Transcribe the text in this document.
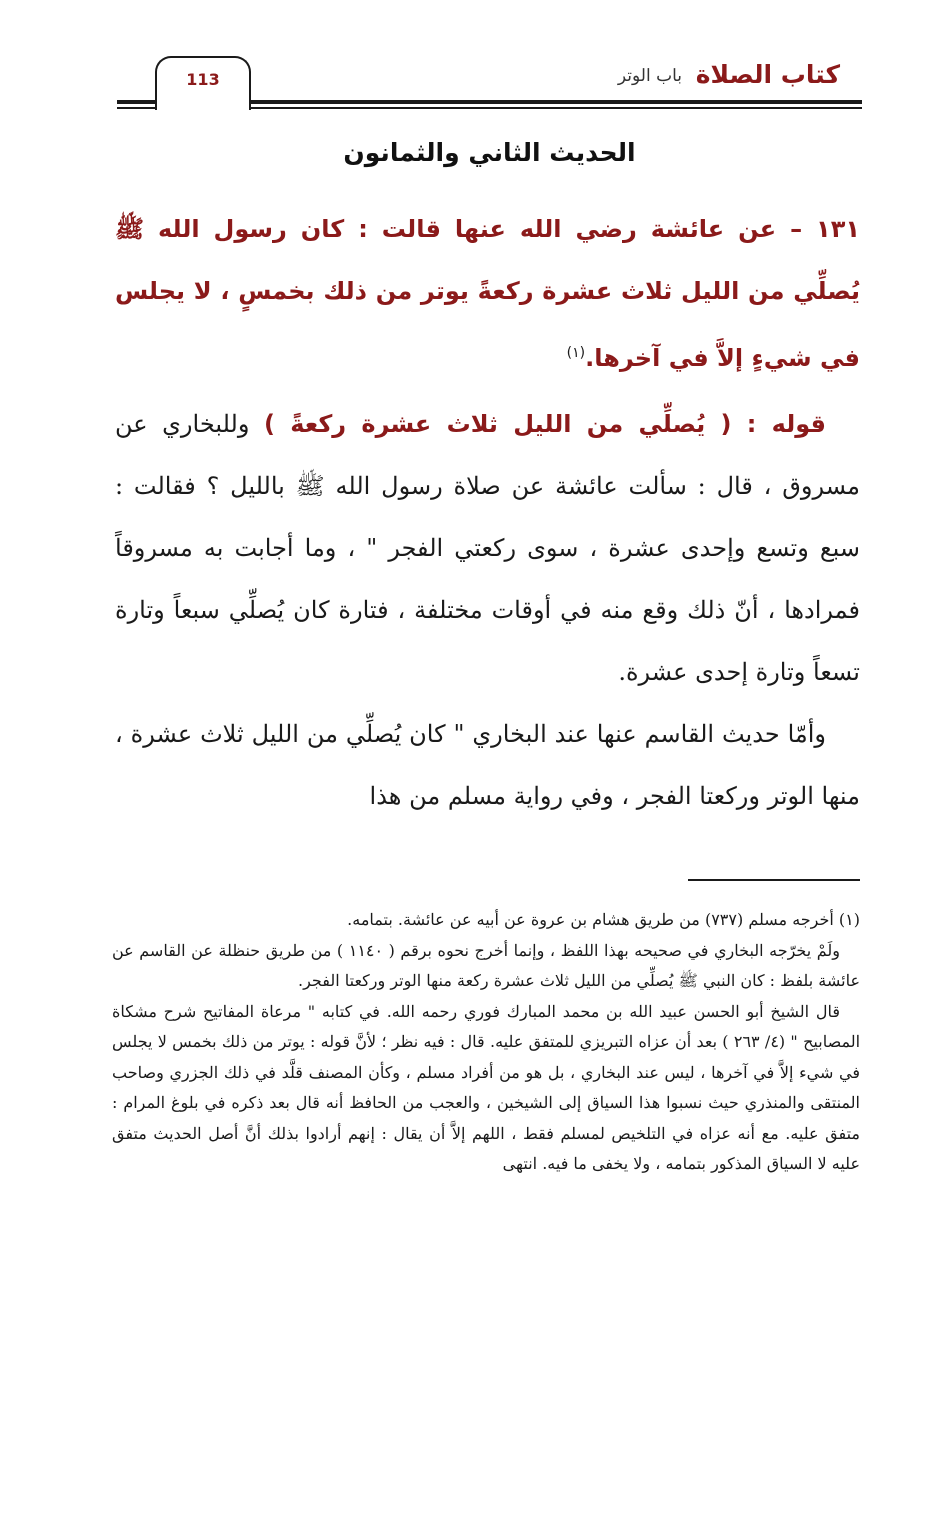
كتاب الصلاة
باب الوتر
113
الحديث الثاني والثمانون

١٣١ – عن عائشة رضي الله عنها قالت : كان رسول الله ﷺ يُصلِّي من الليل ثلاث عشرة ركعةً يوتر من ذلك بخمسٍ ، لا يجلس في شيءٍ إلاَّ في آخرها.$^{(١)}$

قوله : ( يُصلِّي من الليل ثلاث عشرة ركعةً ) وللبخاري عن مسروق ، قال : سألت عائشة عن صلاة رسول الله ﷺ بالليل ؟ فقالت : سبع وتسع وإحدى عشرة ، سوى ركعتي الفجر " ، وما أجابت به مسروقاً فمرادها ، أنّ ذلك وقع منه في أوقات مختلفة ، فتارة كان يُصلِّي سبعاً وتارة تسعاً وتارة إحدى عشرة.

وأمّا حديث القاسم عنها عند البخاري " كان يُصلِّي من الليل ثلاث عشرة ، منها الوتر وركعتا الفجر ، وفي رواية مسلم من هذا

(١) أخرجه مسلم (٧٣٧) من طريق هشام بن عروة عن أبيه عن عائشة. بتمامه.

ولَمْ يخرّجه البخاري في صحيحه بهذا اللفظ ، وإنما أخرج نحوه برقم ( ١١٤٠ ) من طريق حنظلة عن القاسم عن عائشة بلفظ : كان النبي ﷺ يُصلِّي من الليل ثلاث عشرة ركعة منها الوتر وركعتا الفجر.

قال الشيخ أبو الحسن عبيد الله بن محمد المبارك فوري رحمه الله. في كتابه " مرعاة المفاتيح شرح مشكاة المصابيح " (٤/ ٢٦٣ ) بعد أن عزاه التبريزي للمتفق عليه. قال : فيه نظر ؛ لأنَّ قوله : يوتر من ذلك بخمس لا يجلس في شيء إلاَّ في آخرها ، ليس عند البخاري ، بل هو من أفراد مسلم ، وكأن المصنف قلَّد في ذلك الجزري وصاحب المنتقى والمنذري حيث نسبوا هذا السياق إلى الشيخين ، والعجب من الحافظ أنه قال بعد ذكره في بلوغ المرام : متفق عليه. مع أنه عزاه في التلخيص لمسلم فقط ، اللهم إلاَّ أن يقال : إنهم أرادوا بذلك أنَّ أصل الحديث متفق عليه لا السياق المذكور بتمامه ، ولا يخفى ما فيه. انتهى
